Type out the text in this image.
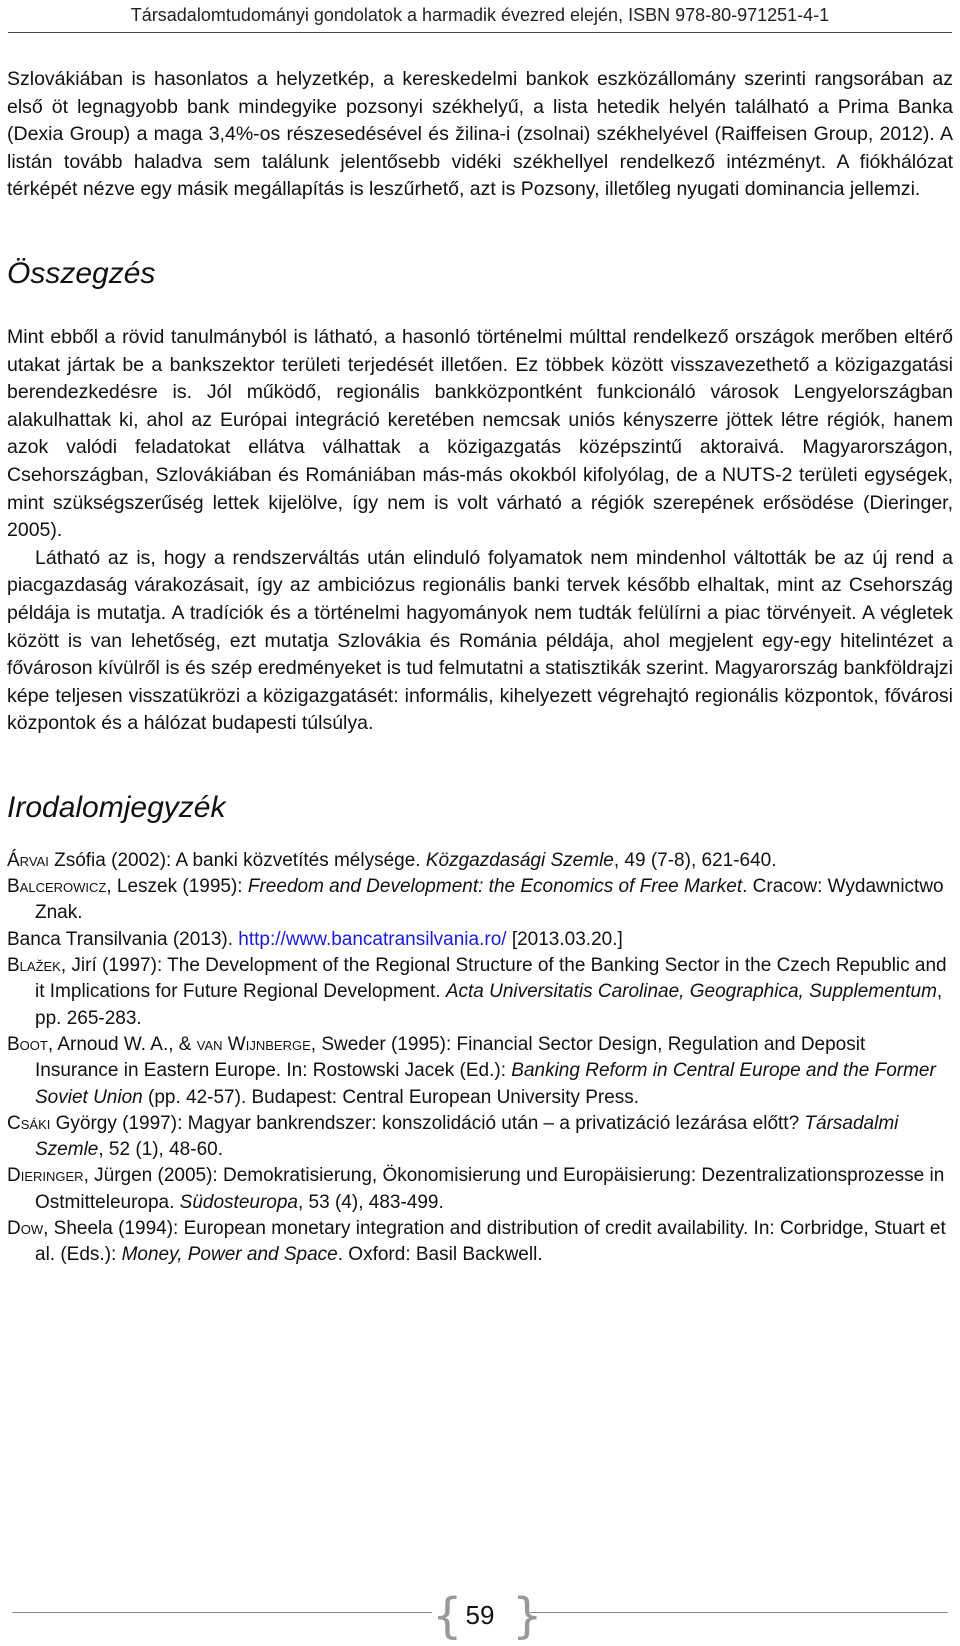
Társadalomtudományi gondolatok a harmadik évezred elején, ISBN 978-80-971251-4-1

Szlovákiában is hasonlatos a helyzetkép, a kereskedelmi bankok eszközállomány szerinti rangsorában az első öt legnagyobb bank mindegyike pozsonyi székhelyű, a lista hetedik helyén található a Prima Banka (Dexia Group) a maga 3,4%-os részesedésével és žilina-i (zsolnai) székhelyével (Raiffeisen Group, 2012). A listán tovább haladva sem találunk jelentősebb vidéki székhellyel rendelkező intézményt. A fiókhálózat térképét nézve egy másik megállapítás is leszűrhető, azt is Pozsony, illetőleg nyugati dominancia jellemzi.

Összegzés

Mint ebből a rövid tanulmányból is látható, a hasonló történelmi múlttal rendelkező országok merőben eltérő utakat jártak be a bankszektor területi terjedését illetően. Ez többek között visszavezethető a közigazgatási berendezkedésre is. Jól működő, regionális bankközpontként funkcionáló városok Lengyelországban alakulhattak ki, ahol az Európai integráció keretében nemcsak uniós kényszerre jöttek létre régiók, hanem azok valódi feladatokat ellátva válhattak a közigazgatás középszintű aktoraivá. Magyarországon, Csehországban, Szlovákiában és Romániában más-más okokból kifolyólag, de a NUTS-2 területi egységek, mint szükségszerűség lettek kijelölve, így nem is volt várható a régiók szerepének erősödése (Dieringer, 2005).

Látható az is, hogy a rendszerváltás után elinduló folyamatok nem mindenhol váltották be az új rend a piacgazdaság várakozásait, így az ambiciózus regionális banki tervek később elhaltak, mint az Csehország példája is mutatja. A tradíciók és a történelmi hagyományok nem tudták felülírni a piac törvényeit. A végletek között is van lehetőség, ezt mutatja Szlovákia és Románia példája, ahol megjelent egy-egy hitelintézet a fővároson kívülről is és szép eredményeket is tud felmutatni a statisztikák szerint. Magyarország bankföldrajzi képe teljesen visszatükrözi a közigazgatásét: informális, kihelyezett végrehajtó regionális központok, fővárosi központok és a hálózat budapesti túlsúlya.

Irodalomjegyzék

Árvai Zsófia (2002): A banki közvetítés mélysége. Közgazdasági Szemle, 49 (7-8), 621-640.

Balcerowicz, Leszek (1995): Freedom and Development: the Economics of Free Market. Cracow: Wydawnictwo Znak.

Banca Transilvania (2013). http://www.bancatransilvania.ro/ [2013.03.20.]

Blažek, Jirí (1997): The Development of the Regional Structure of the Banking Sector in the Czech Republic and it Implications for Future Regional Development. Acta Universitatis Carolinae, Geographica, Supplementum, pp. 265-283.

Boot, Arnoud W. A., & van Wijnberge, Sweder (1995): Financial Sector Design, Regulation and Deposit Insurance in Eastern Europe. In: Rostowski Jacek (Ed.): Banking Reform in Central Europe and the Former Soviet Union (pp. 42-57). Budapest: Central European University Press.

Csáki György (1997): Magyar bankrendszer: konszolidáció után – a privatizáció lezárása előtt? Társadalmi Szemle, 52 (1), 48-60.

Dieringer, Jürgen (2005): Demokratisierung, Ökonomisierung und Europäisierung: Dezentralizationsprozesse in Ostmitteleuropa. Südosteuropa, 53 (4), 483-499.

Dow, Sheela (1994): European monetary integration and distribution of credit availability. In: Corbridge, Stuart et al. (Eds.): Money, Power and Space. Oxford: Basil Backwell.

{ 59 }
